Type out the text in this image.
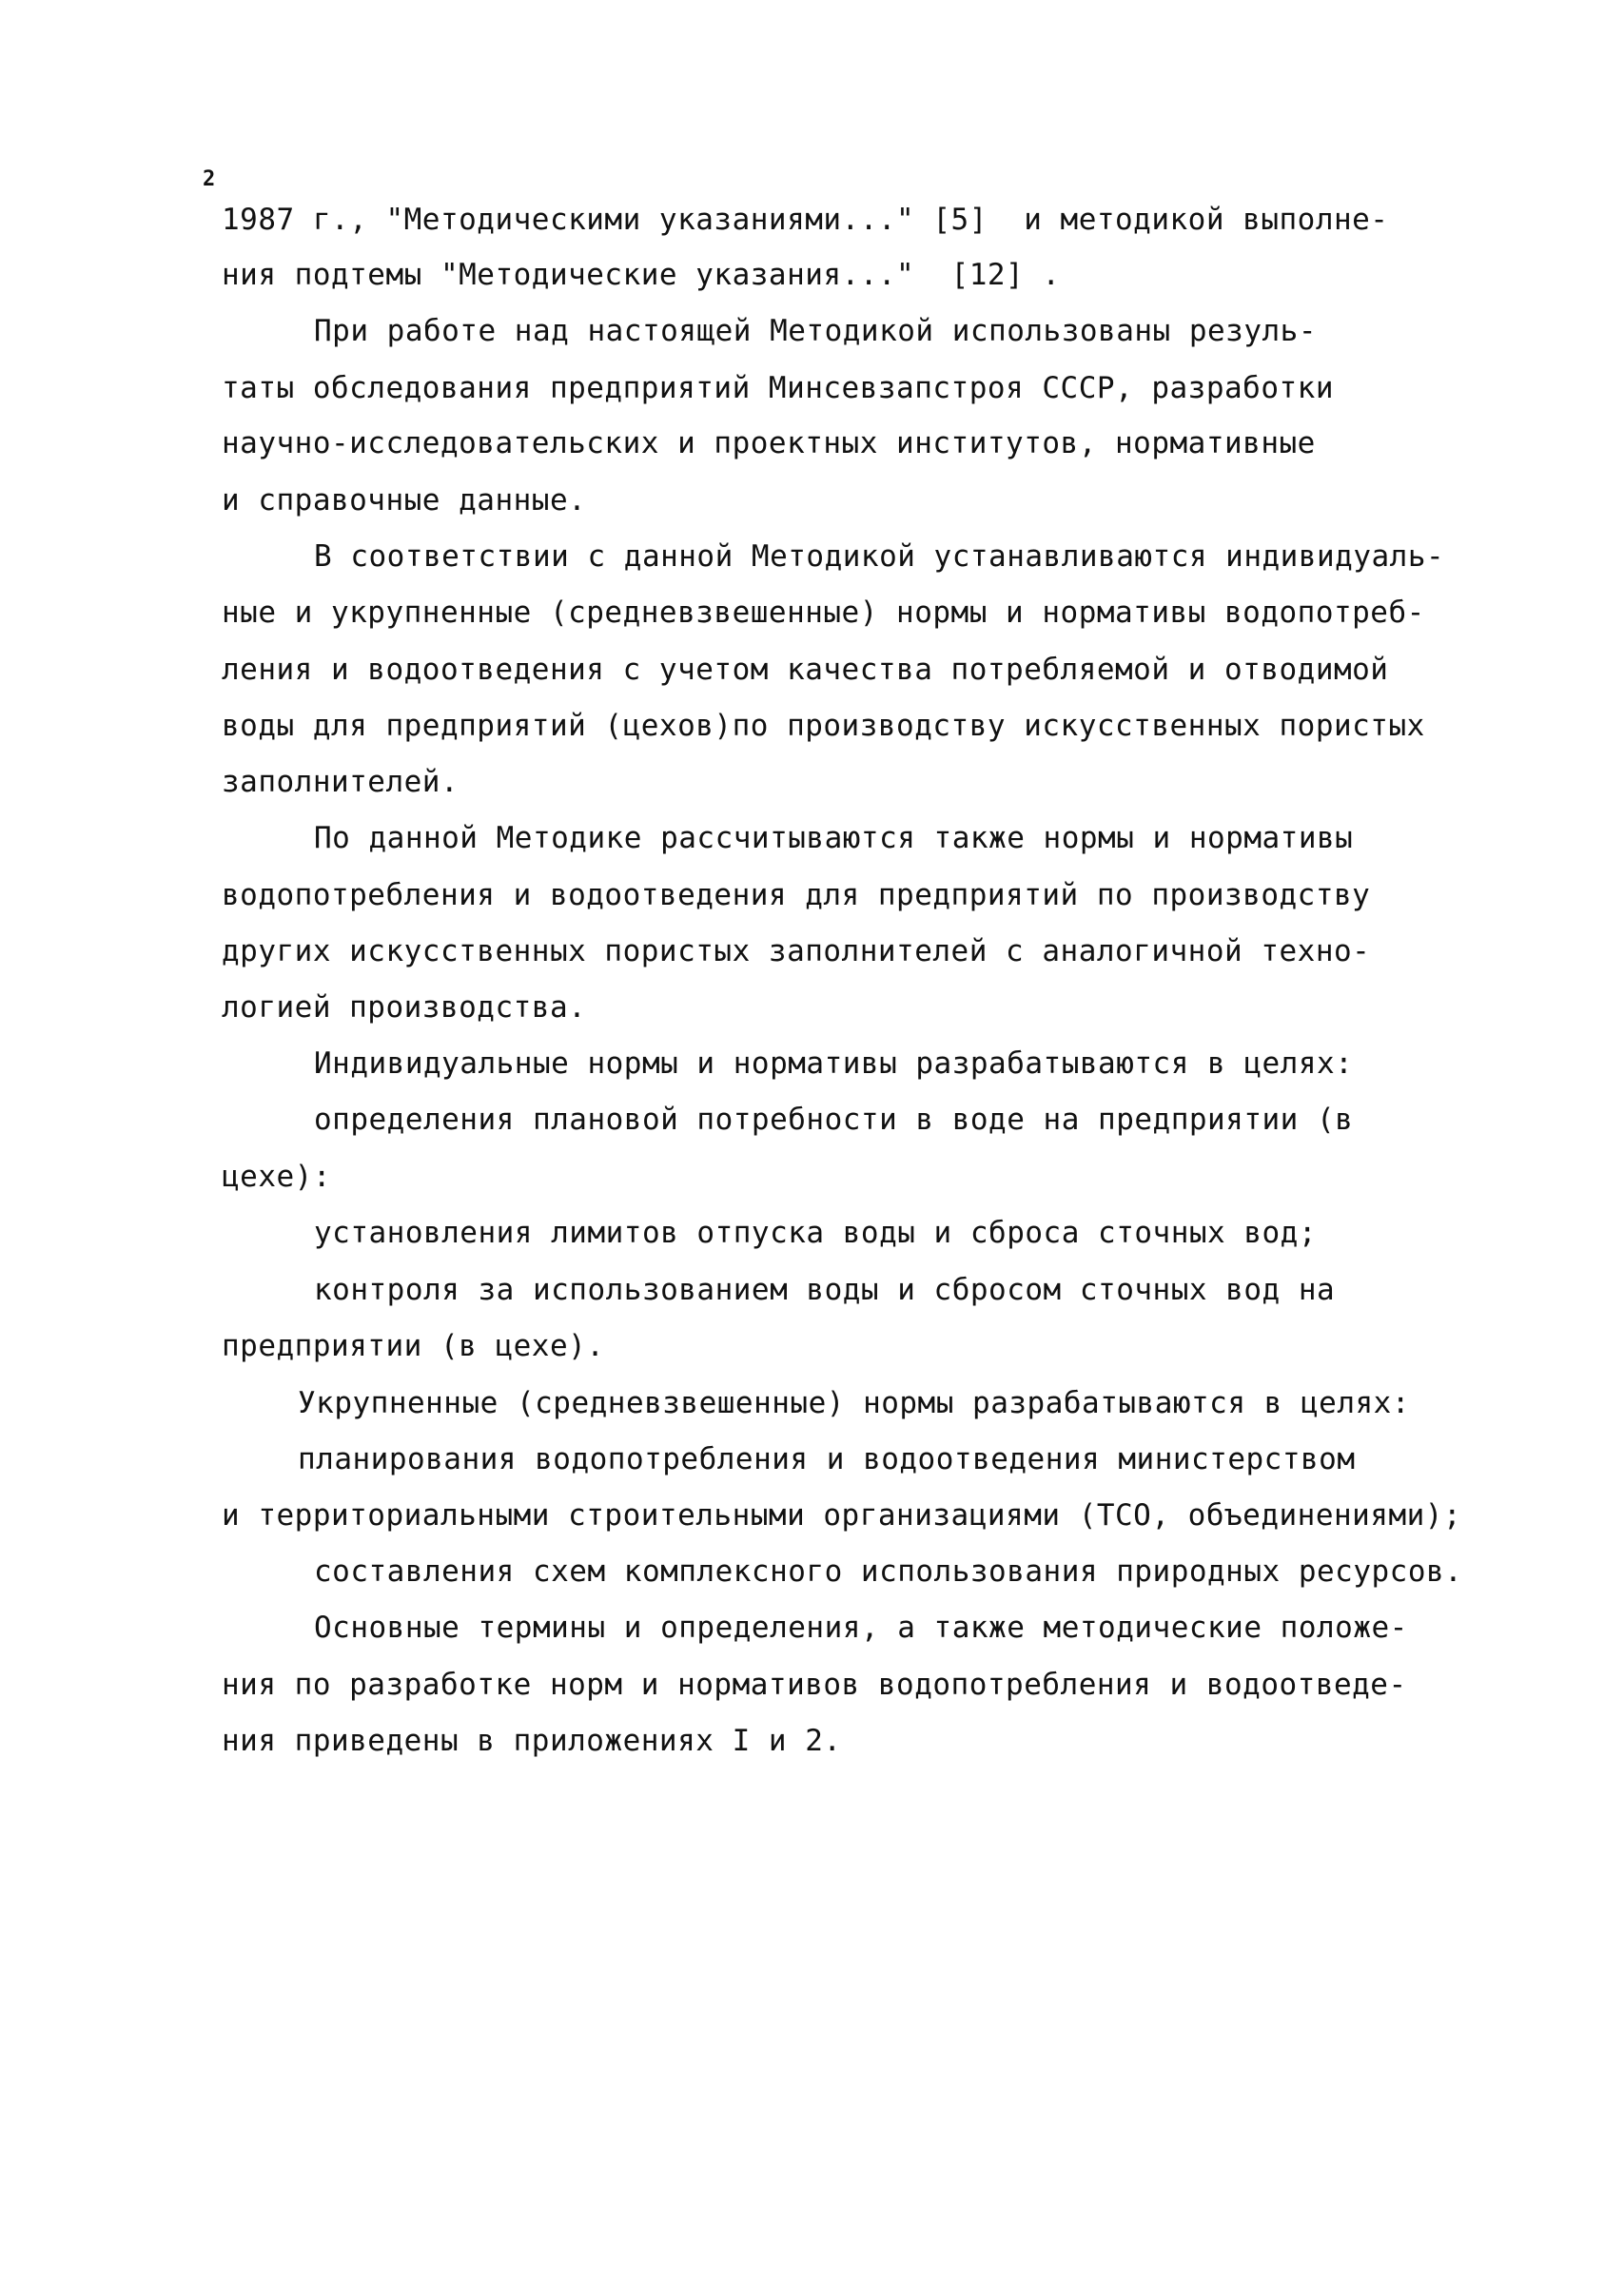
2
1987 г., "Методическими указаниями..." [5]  и методикой выполне-
ния подтемы "Методические указания..."  [12] .
При работе над настоящей Методикой использованы резуль-
таты обследования предприятий Минсевзапстроя СССР, разработки
научно-исследовательских и проектных институтов, нормативные
и справочные данные.
В соответствии с данной Методикой устанавливаются индивидуаль-
ные и укрупненные (средневзвешенные) нормы и нормативы водопотреб-
ления и водоотведения с учетом качества потребляемой и отводимой
воды для предприятий (цехов)по производству искусственных пористых
заполнителей.
По данной Методике рассчитываются также нормы и нормативы
водопотребления и водоотведения для предприятий по производству
других искусственных пористых заполнителей с аналогичной техно-
логией производства.
Индивидуальные нормы и нормативы разрабатываются в целях:
определения плановой потребности в воде на предприятии (в
цехе):
установления лимитов отпуска воды и сброса сточных вод;
контроля за использованием воды и сбросом сточных вод на
предприятии (в цехе).
Укрупненные (средневзвешенные) нормы разрабатываются в целях:
планирования водопотребления и водоотведения министерством
и территориальными строительными организациями (ТСО, объединениями);
составления схем комплексного использования природных ресурсов.
Основные термины и определения, а также методические положе-
ния по разработке норм и нормативов водопотребления и водоотведе-
ния приведены в приложениях I и 2.
